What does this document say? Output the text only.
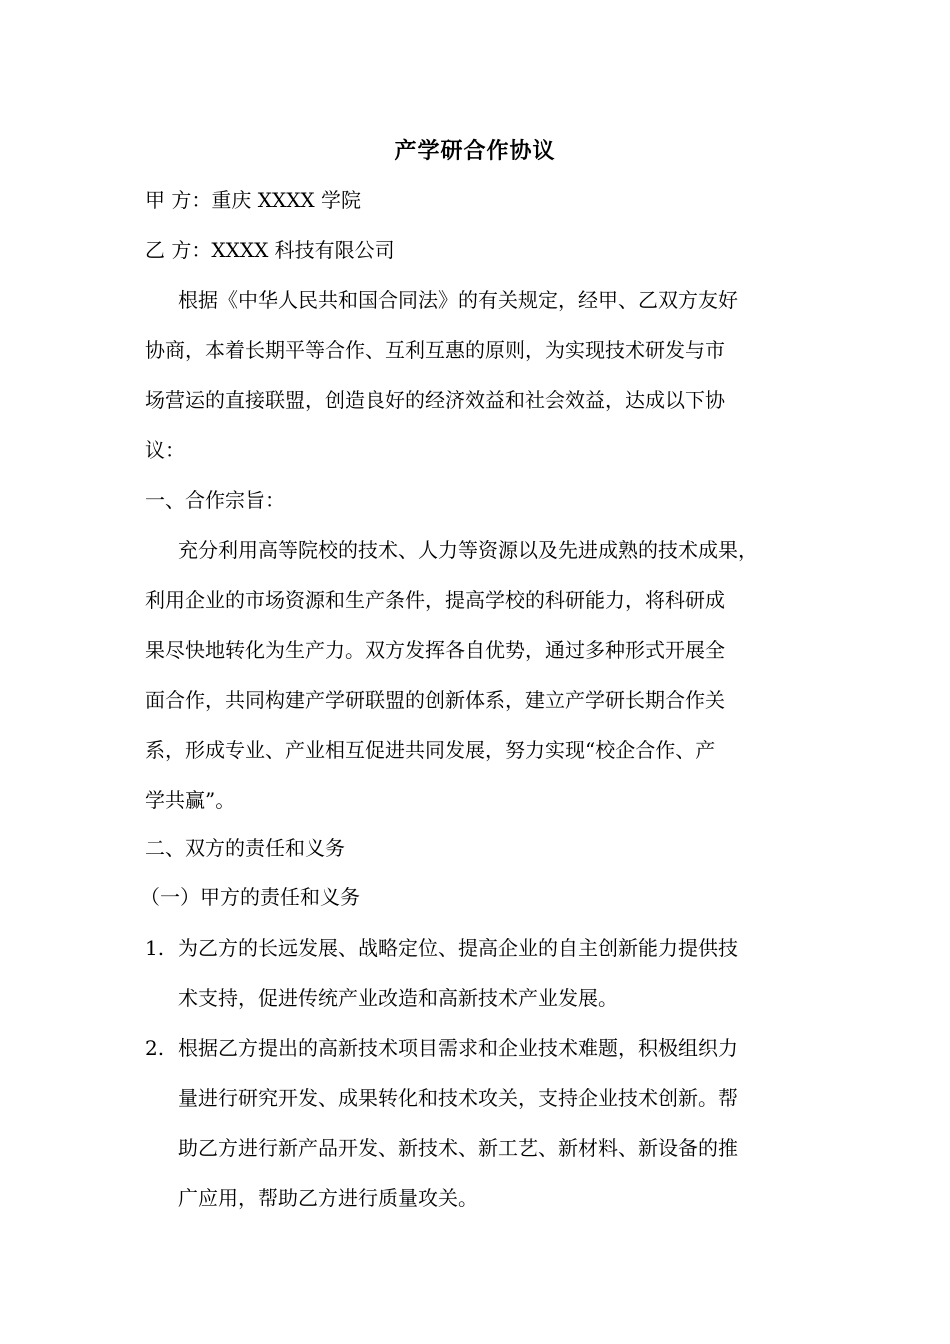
产学研合作协议
甲 方：重庆 XXXX 学院
乙 方：XXXX 科技有限公司
根据《中华人民共和国合同法》的有关规定，经甲、乙双方友好
协商，本着长期平等合作、互利互惠的原则，为实现技术研发与市
场营运的直接联盟，创造良好的经济效益和社会效益，达成以下协
议：
一、合作宗旨：
充分利用高等院校的技术、人力等资源以及先进成熟的技术成果，
利用企业的市场资源和生产条件，提高学校的科研能力，将科研成
果尽快地转化为生产力。双方发挥各自优势，通过多种形式开展全
面合作，共同构建产学研联盟的创新体系，建立产学研长期合作关
系，形成专业、产业相互促进共同发展，努力实现“校企合作、产
学共赢”。
二、双方的责任和义务
（一）甲方的责任和义务
1. 为乙方的长远发展、战略定位、提高企业的自主创新能力提供技
术支持，促进传统产业改造和高新技术产业发展。
2. 根据乙方提出的高新技术项目需求和企业技术难题，积极组织力
量进行研究开发、成果转化和技术攻关，支持企业技术创新。帮
助乙方进行新产品开发、新技术、新工艺、新材料、新设备的推
广应用，帮助乙方进行质量攻关。
